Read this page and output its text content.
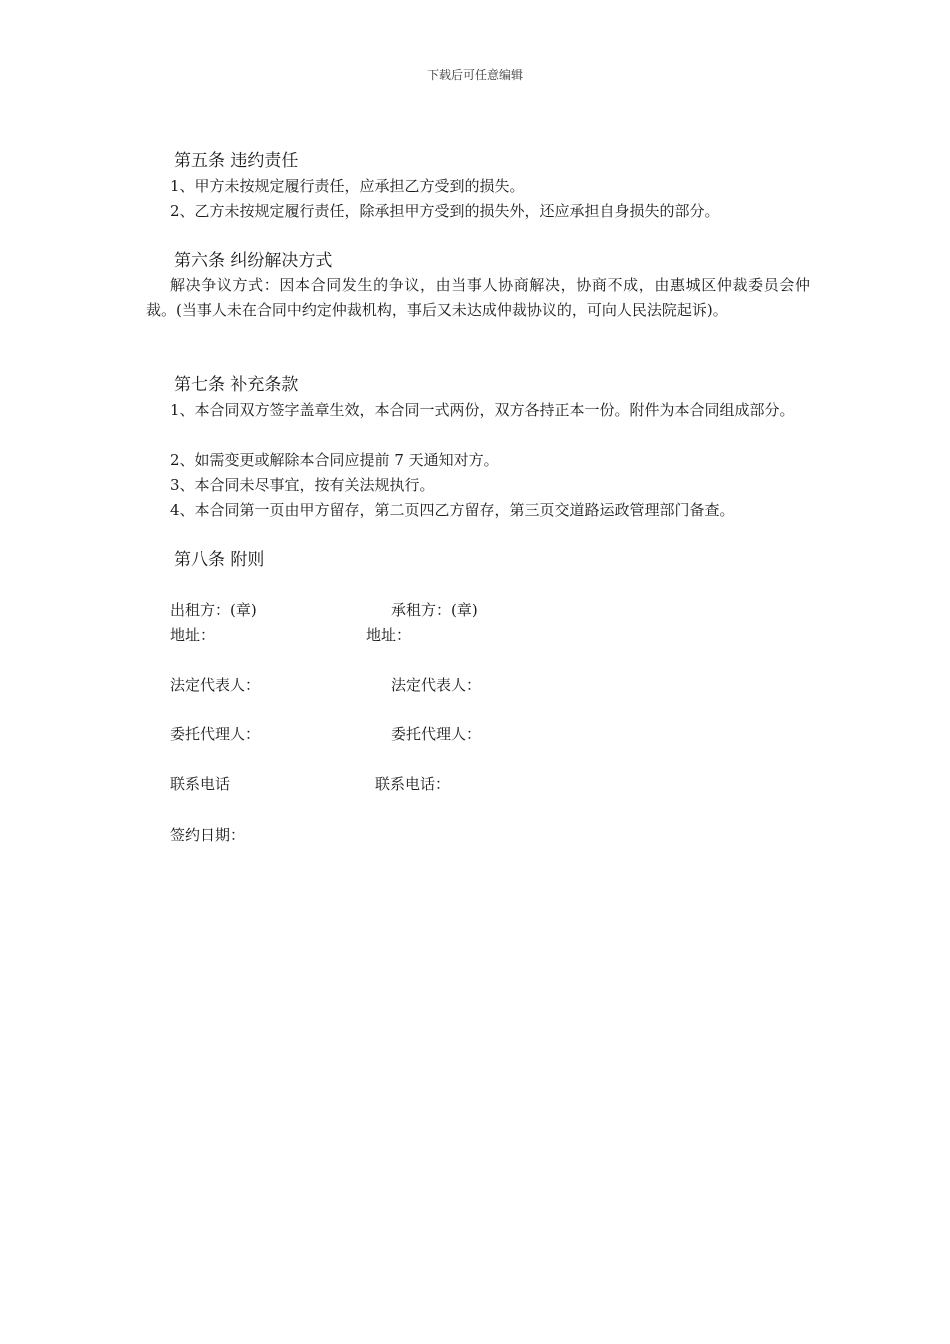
下载后可任意编辑
第五条 违约责任
1、甲方未按规定履行责任，应承担乙方受到的损失。
2、乙方未按规定履行责任，除承担甲方受到的损失外，还应承担自身损失的部分。
第六条 纠纷解决方式
解决争议方式：因本合同发生的争议，由当事人协商解决，协商不成，由惠城区仲裁委员会仲裁。(当事人未在合同中约定仲裁机构，事后又未达成仲裁协议的，可向人民法院起诉)。
第七条 补充条款
1、本合同双方签字盖章生效，本合同一式两份，双方各持正本一份。附件为本合同组成部分。
2、如需变更或解除本合同应提前 7 天通知对方。
3、本合同未尽事宜，按有关法规执行。
4、本合同第一页由甲方留存，第二页四乙方留存，第三页交道路运政管理部门备查。
第八条 附则
出租方：(章)	承租方：(章)
地址：	地址：
法定代表人：	法定代表人：
委托代理人：	委托代理人：
联系电话	联系电话：
签约日期：
